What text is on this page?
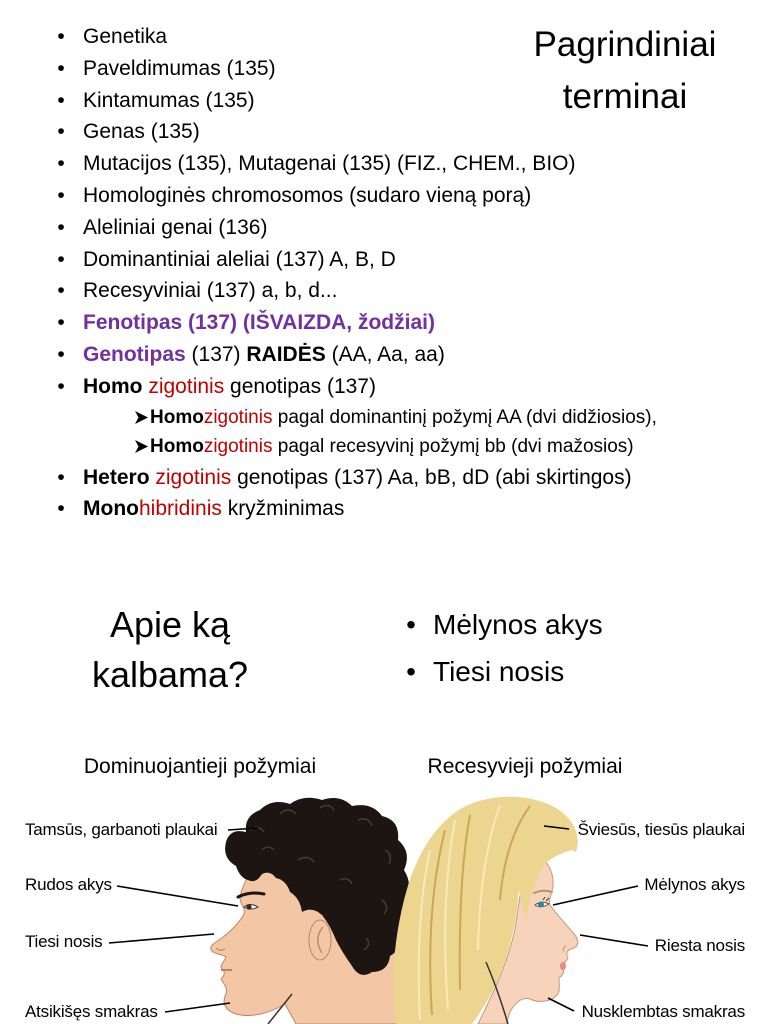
Pagrindiniai
terminai
•
Genetika
•
Paveldimumas (135)
•
Kintamumas (135)
•
Genas (135)
•
Mutacijos (135), Mutagenai (135) (FIZ., CHEM., BIO)
•
Homologinės chromosomos (sudaro vieną porą)
•
Aleliniai genai (136)
•
Dominantiniai aleliai (137) A, B, D
•
Recesyviniai (137) a, b, d...
•
Fenotipas (137) (IŠVAIZDA, žodžiai)
•
Genotipas (137) RAIDĖS (AA, Aa, aa)
•
Homo zigotinis genotipas (137)
Homozigotinis pagal dominantinį požymį AA (dvi didžiosios),
Homozigotinis pagal recesyvinį požymį bb (dvi mažosios)
•
Hetero zigotinis genotipas (137) Aa, bB, dD (abi skirtingos)
•
Monohibridinis kryžminimas
Apie ką
kalbama?
•
Mėlynos akys
•
Tiesi nosis
Dominuojantieji požymiai	Recesyvieji požymiai
Tamsūs, garbanoti plaukai
Rudos akys
Tiesi nosis
Atsikišęs smakras
Šviesūs, tiesūs plaukai
Mėlynos akys
Riesta nosis
Nusklembtas smakras
